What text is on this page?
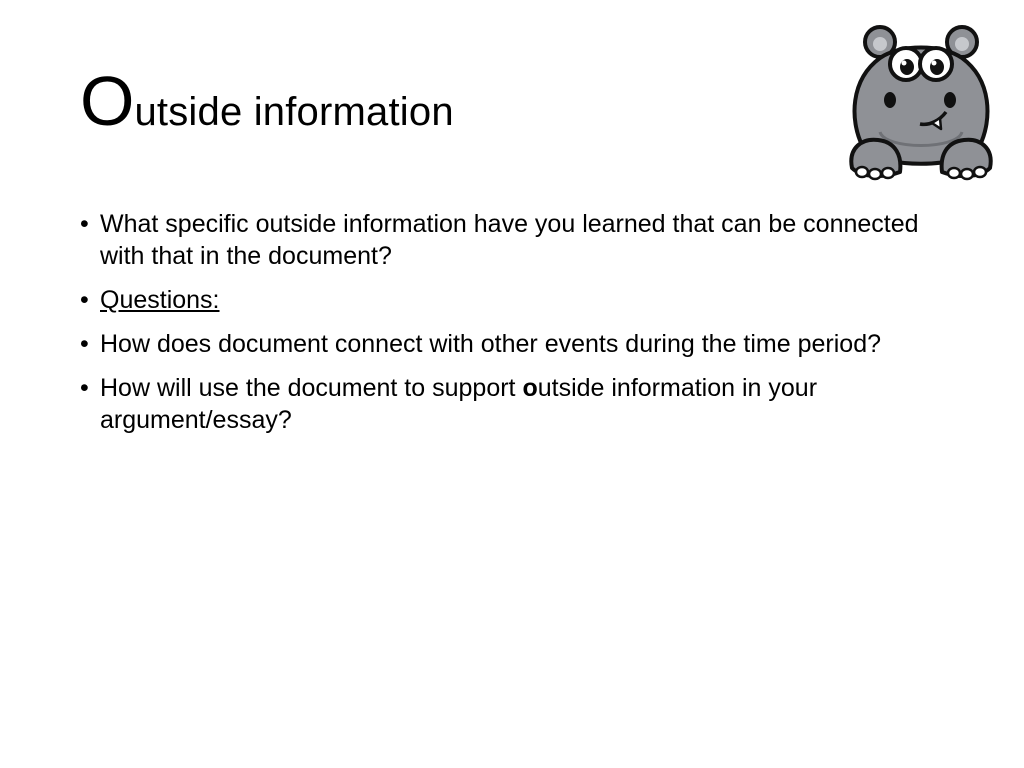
Outside information
• What specific outside information have you learned that can be connected with that in the document?
• Questions:
• How does document connect with other events during the time period?
• How will use the document to support outside information in your argument/essay?
